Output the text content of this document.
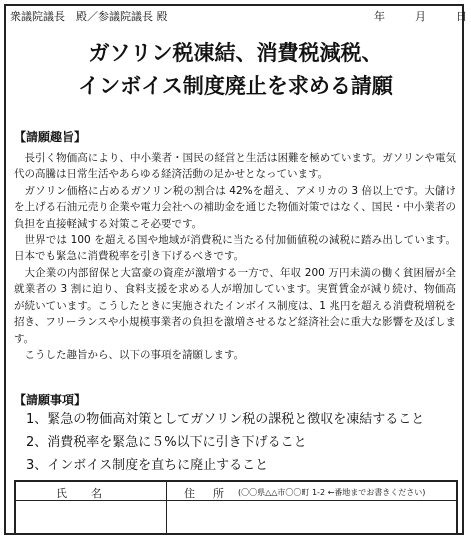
衆議院議長　殿／参議院議長 殿	年	月	日
ガソリン税凍結、消費税減税、
インボイス制度廃止を求める請願
【請願趣旨】
長引く物価高により、中小業者・国民の経営と生活は困難を極めています。ガソリンや電気代の高騰は日常生活やあらゆる経済活動の足かせとなっています。
ガソリン価格に占めるガソリン税の割合は 42%を超え、アメリカの 3 倍以上です。大儲けを上げる石油元売り企業や電力会社への補助金を通じた物価対策ではなく、国民・中小業者の負担を直接軽減する対策こそ必要です。
世界では 100 を超える国や地域が消費税に当たる付加価値税の減税に踏み出しています。日本でも緊急に消費税率を引き下げるべきです。
大企業の内部留保と大富豪の資産が激増する一方で、年収 200 万円未満の働く貧困層が全就業者の 3 割に迫り、食料支援を求める人が増加しています。実質賃金が減り続け、物価高が続いています。こうしたときに実施されたインボイス制度は、1 兆円を超える消費税増税を招き、フリーランスや小規模事業者の負担を激増させるなど経済社会に重大な影響を及ぼします。
こうした趣旨から、以下の事項を請願します。
【請願事項】
1、緊急の物価高対策としてガソリン税の課税と徴収を凍結すること
2、消費税率を緊急に５%以下に引き下げること
3、インボイス制度を直ちに廃止すること
氏名	住所
(〇〇県△△市〇〇町 1-2 ←番地までお書きください)
